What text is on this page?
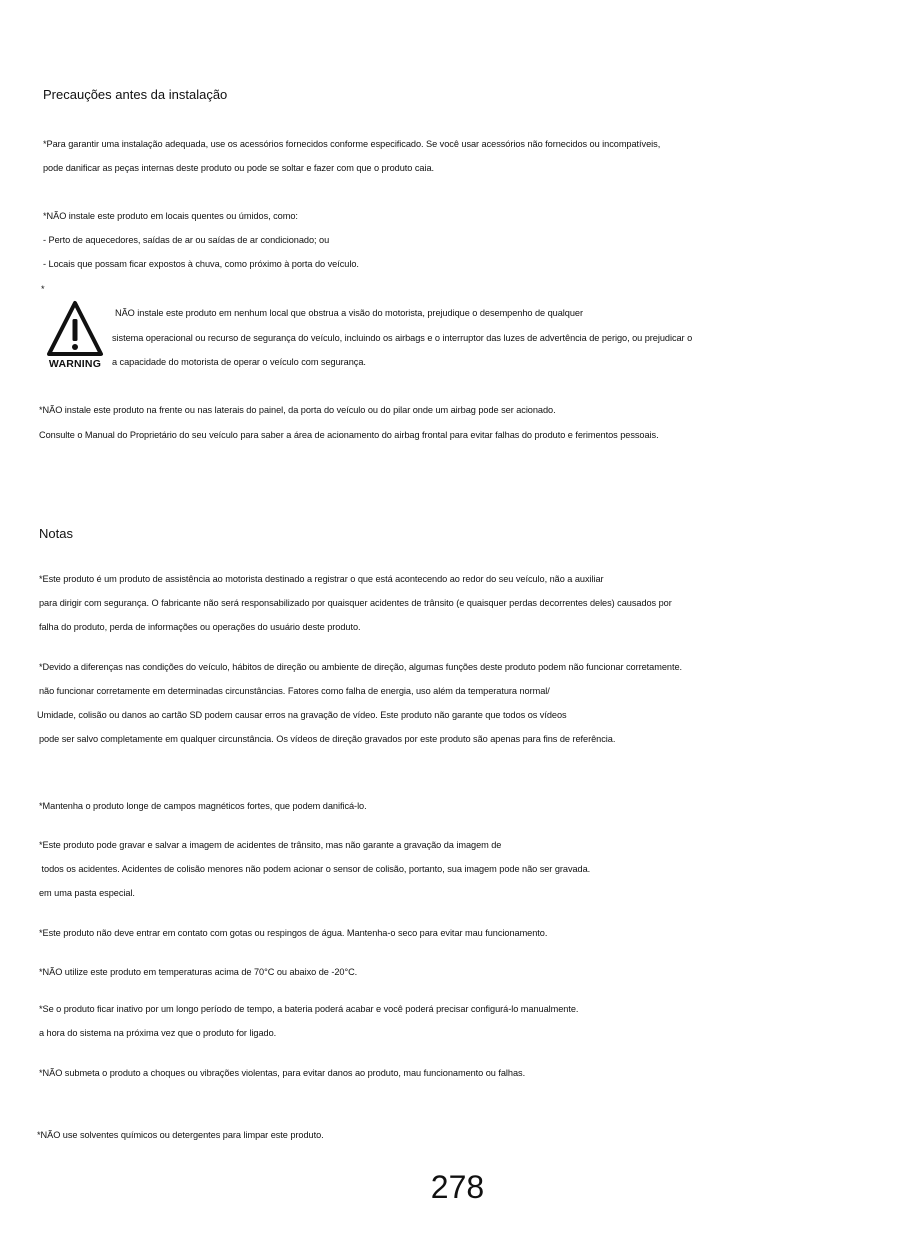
Precauções antes da instalação
*Para garantir uma instalação adequada, use os acessórios fornecidos conforme especificado. Se você usar acessórios não fornecidos ou incompatíveis,
pode danificar as peças internas deste produto ou pode se soltar e fazer com que o produto caia.
*NÃO instale este produto em locais quentes ou úmidos, como:
- Perto de aquecedores, saídas de ar ou saídas de ar condicionado; ou
- Locais que possam ficar expostos à chuva, como próximo à porta do veículo.
*
WARNING
NÃO instale este produto em nenhum local que obstrua a visão do motorista, prejudique o desempenho de qualquer
sistema operacional ou recurso de segurança do veículo, incluindo os airbags e o interruptor das luzes de advertência de perigo, ou prejudicar o
a capacidade do motorista de operar o veículo com segurança.
*NÃO instale este produto na frente ou nas laterais do painel, da porta do veículo ou do pilar onde um airbag pode ser acionado.
Consulte o Manual do Proprietário do seu veículo para saber a área de acionamento do airbag frontal para evitar falhas do produto e ferimentos pessoais.
Notas
*Este produto é um produto de assistência ao motorista destinado a registrar o que está acontecendo ao redor do seu veículo, não a auxiliar
para dirigir com segurança. O fabricante não será responsabilizado por quaisquer acidentes de trânsito (e quaisquer perdas decorrentes deles) causados por
falha do produto, perda de informações ou operações do usuário deste produto.
*Devido a diferenças nas condições do veículo, hábitos de direção ou ambiente de direção, algumas funções deste produto podem não funcionar corretamente.
não funcionar corretamente em determinadas circunstâncias. Fatores como falha de energia, uso além da temperatura normal/
Umidade, colisão ou danos ao cartão SD podem causar erros na gravação de vídeo. Este produto não garante que todos os vídeos
pode ser salvo completamente em qualquer circunstância. Os vídeos de direção gravados por este produto são apenas para fins de referência.
*Mantenha o produto longe de campos magnéticos fortes, que podem danificá-lo.
*Este produto pode gravar e salvar a imagem de acidentes de trânsito, mas não garante a gravação da imagem de
todos os acidentes. Acidentes de colisão menores não podem acionar o sensor de colisão, portanto, sua imagem pode não ser gravada.
em uma pasta especial.
*Este produto não deve entrar em contato com gotas ou respingos de água. Mantenha-o seco para evitar mau funcionamento.
*NÃO utilize este produto em temperaturas acima de 70°C ou abaixo de -20°C.
*Se o produto ficar inativo por um longo período de tempo, a bateria poderá acabar e você poderá precisar configurá-lo manualmente.
a hora do sistema na próxima vez que o produto for ligado.
*NÃO submeta o produto a choques ou vibrações violentas, para evitar danos ao produto, mau funcionamento ou falhas.
*NÃO use solventes químicos ou detergentes para limpar este produto.
278
